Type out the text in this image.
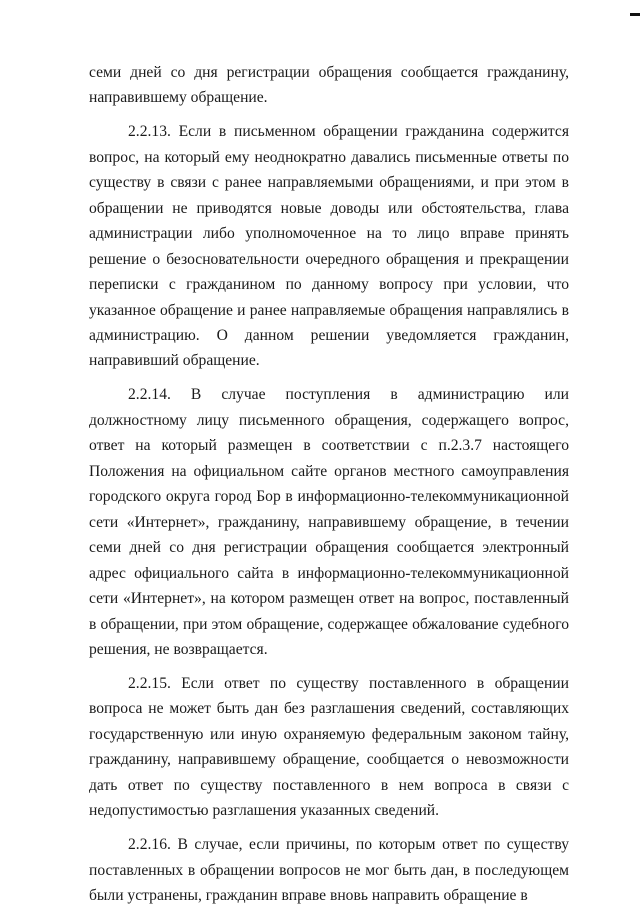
семи дней со дня регистрации обращения сообщается гражданину, направившему обращение.

2.2.13. Если в письменном обращении гражданина содержится вопрос, на который ему неоднократно давались письменные ответы по существу в связи с ранее направляемыми обращениями, и при этом в обращении не приводятся новые доводы или обстоятельства, глава администрации либо уполномоченное на то лицо вправе принять решение о безосновательности очередного обращения и прекращении переписки с гражданином по данному вопросу при условии, что указанное обращение и ранее направляемые обращения направлялись в администрацию. О данном решении уведомляется гражданин, направивший обращение.

2.2.14. В случае поступления в администрацию или должностному лицу письменного обращения, содержащего вопрос, ответ на который размещен в соответствии с п.2.3.7 настоящего Положения на официальном сайте органов местного самоуправления городского округа город Бор в информационно-телекоммуникационной сети «Интернет», гражданину, направившему обращение, в течении семи дней со дня регистрации обращения сообщается электронный адрес официального сайта в информационно-телекоммуникационной сети «Интернет», на котором размещен ответ на вопрос, поставленный в обращении, при этом обращение, содержащее обжалование судебного решения, не возвращается.

2.2.15. Если ответ по существу поставленного в обращении вопроса не может быть дан без разглашения сведений, составляющих государственную или иную охраняемую федеральным законом тайну, гражданину, направившему обращение, сообщается о невозможности дать ответ по существу поставленного в нем вопроса в связи с недопустимостью разглашения указанных сведений.

2.2.16. В случае, если причины, по которым ответ по существу поставленных в обращении вопросов не мог быть дан, в последующем были устранены, гражданин вправе вновь направить обращение в
